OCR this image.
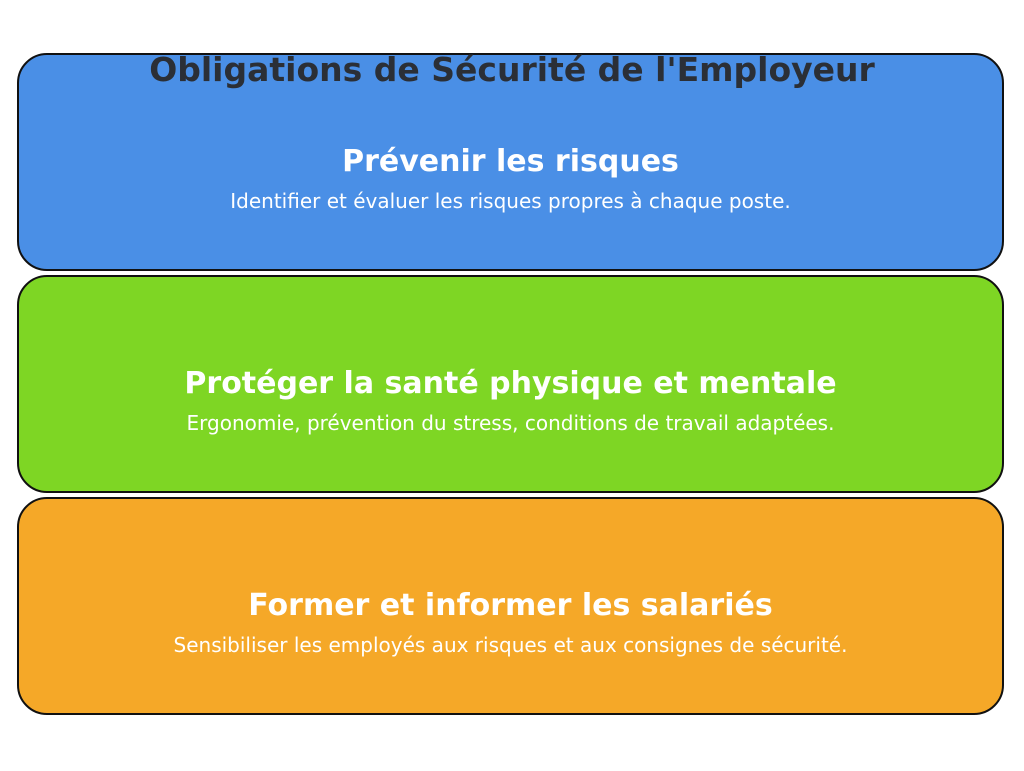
Prévenir les risques

Identifier et évaluer les risques propres à chaque poste.

Protéger la santé physique et mentale

Ergonomie, prévention du stress, conditions de travail adaptées.

Former et informer les salariés

Sensibiliser les employés aux risques et aux consignes de sécurité.

Obligations de Sécurité de l'Employeur
